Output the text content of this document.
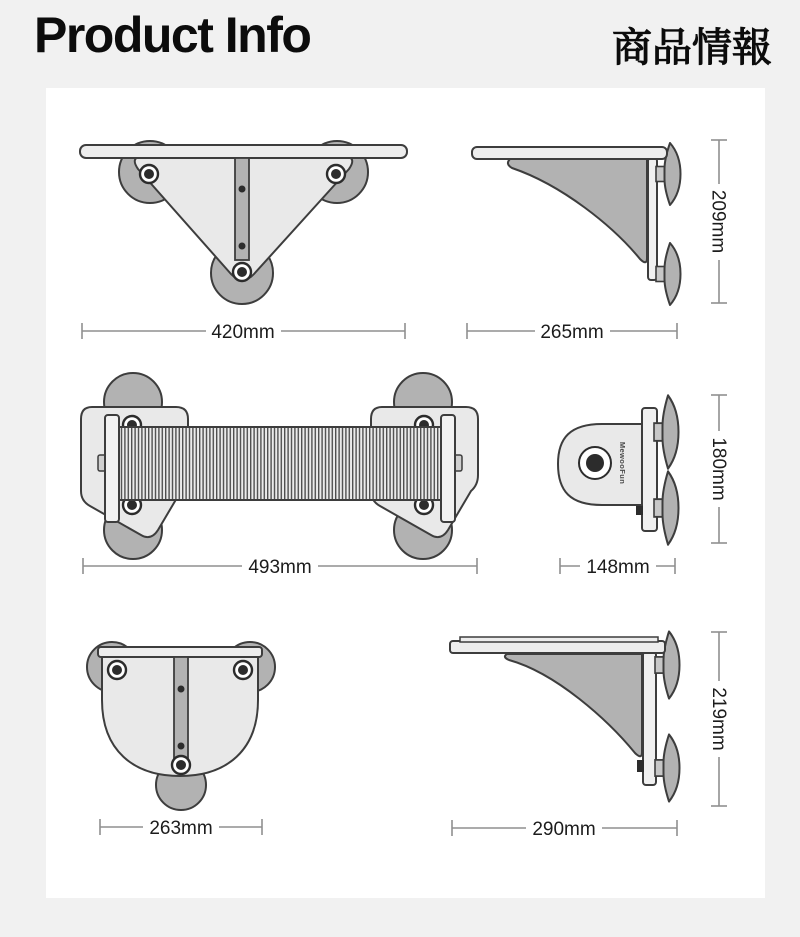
Product Info	商品情報
420mm	265mm
209mm
493mm
MewooFun
148mm
180mm
263mm	290mm
219mm
